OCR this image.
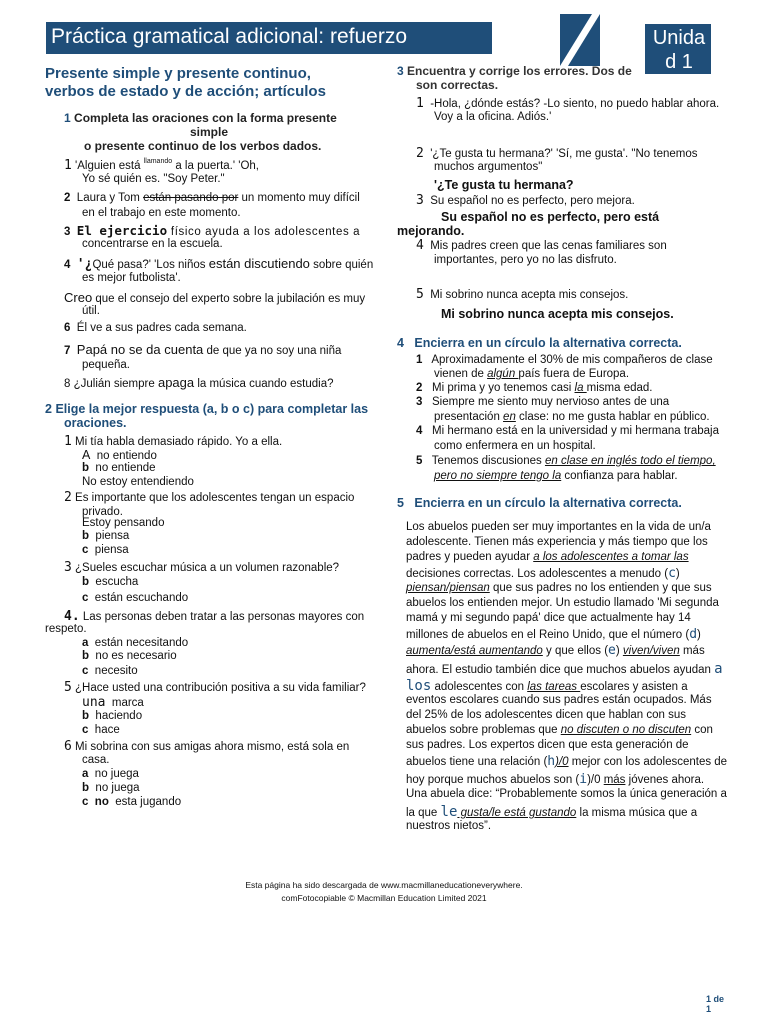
Práctica gramatical adicional: refuerzo	Unidad 1
Presente simple y presente continuo,
verbos de estado y de acción; artículos
1 Completa las oraciones con la forma presente
simple
o presente continuo de los verbos dados.
1 'Alguien está $^{llamando}$ a la puerta.' 'Oh,
Yo sé quién es. "Soy Peter."
2 Laura y Tom están pasando por un momento muy difícil
en el trabajo en este momento.
3 El ejercicio físico ayuda a los adolescentes a
concentrarse en la escuela.
4 '¿Qué pasa?' 'Los niños están discutiendo sobre quién
es mejor futbolista'.
Creo que el consejo del experto sobre la jubilación es muy
útil.
6 Él ve a sus padres cada semana.
7 Papá no se da cuenta de que ya no soy una niña
pequeña.
8 ¿Julián siempre apaga la música cuando estudia?
2 Elige la mejor respuesta (a, b o c) para completar las
oraciones.
1 Mi tía habla demasiado rápido. Yo a ella.
A no entiendo
b no entiende
No estoy entendiendo
2 Es importante que los adolescentes tengan un espacio
privado.
Estoy pensando
b piensa
c piensa
3 ¿Sueles escuchar música a un volumen razonable?
b escucha
c están escuchando
4. Las personas deben tratar a las personas mayores con
respeto.
a están necesitando
b no es necesario
c necesito
5 ¿Hace usted una contribución positiva a su vida familiar?
una marca
b haciendo
c hace
6 Mi sobrina con sus amigas ahora mismo, está sola en
casa.
a no juega
b no juega
c no esta jugando
3 Encuentra y corrige los errores. Dos de
son correctas.
1 -Hola, ¿dónde estás? -Lo siento, no puedo hablar ahora.
Voy a la oficina. Adiós.'
2 '¿Te gusta tu hermana?' 'Sí, me gusta'. "No tenemos
muchos argumentos"
'¿Te gusta tu hermana?
3 Su español no es perfecto, pero mejora.
Su español no es perfecto, pero está
mejorando.
4 Mis padres creen que las cenas familiares son
importantes, pero yo no las disfruto.
5 Mi sobrino nunca acepta mis consejos.
Mi sobrino nunca acepta mis consejos.
4 Encierra en un círculo la alternativa correcta.
1 Aproximadamente el 30% de mis compañeros de clase
vienen de algún país fuera de Europa.
2 Mi prima y yo tenemos casi la misma edad.
3 Siempre me siento muy nervioso antes de una
presentación en clase: no me gusta hablar en público.
4 Mi hermano está en la universidad y mi hermana trabaja
como enfermera en un hospital.
5 Tenemos discusiones en clase en inglés todo el tiempo,
pero no siempre tengo la confianza para hablar.
5 Encierra en un círculo la alternativa correcta.
Los abuelos pueden ser muy importantes en la vida de un/a
adolescente. Tienen más experiencia y más tiempo que los
padres y pueden ayudar a los adolescentes a tomar las
decisiones correctas. Los adolescentes a menudo (c)
piensan/piensan que sus padres no los entienden y que sus
abuelos los entienden mejor. Un estudio llamado 'Mi segunda
mamá y mi segundo papá' dice que actualmente hay 14
millones de abuelos en el Reino Unido, que el número (d)
aumenta/está aumentando y que ellos (e) viven/viven más
ahora. El estudio también dice que muchos abuelos ayudan a
los adolescentes con las tareas escolares y asisten a
eventos escolares cuando sus padres están ocupados. Más
del 25% de los adolescentes dicen que hablan con sus
abuelos sobre problemas que no discuten o no discuten con
sus padres. Los expertos dicen que esta generación de
abuelos tiene una relación (h)/0 mejor con los adolescentes de
hoy porque muchos abuelos son (i)/0 más jóvenes ahora.
Una abuela dice: “Probablemente somos la única generación a
la que le gusta/le está gustando la misma música que a
nuestros nietos”.
Esta página ha sido descargada de www.macmillaneducationeverywhere.
comFotocopiable © Macmillan Education Limited 2021
1 de
1
